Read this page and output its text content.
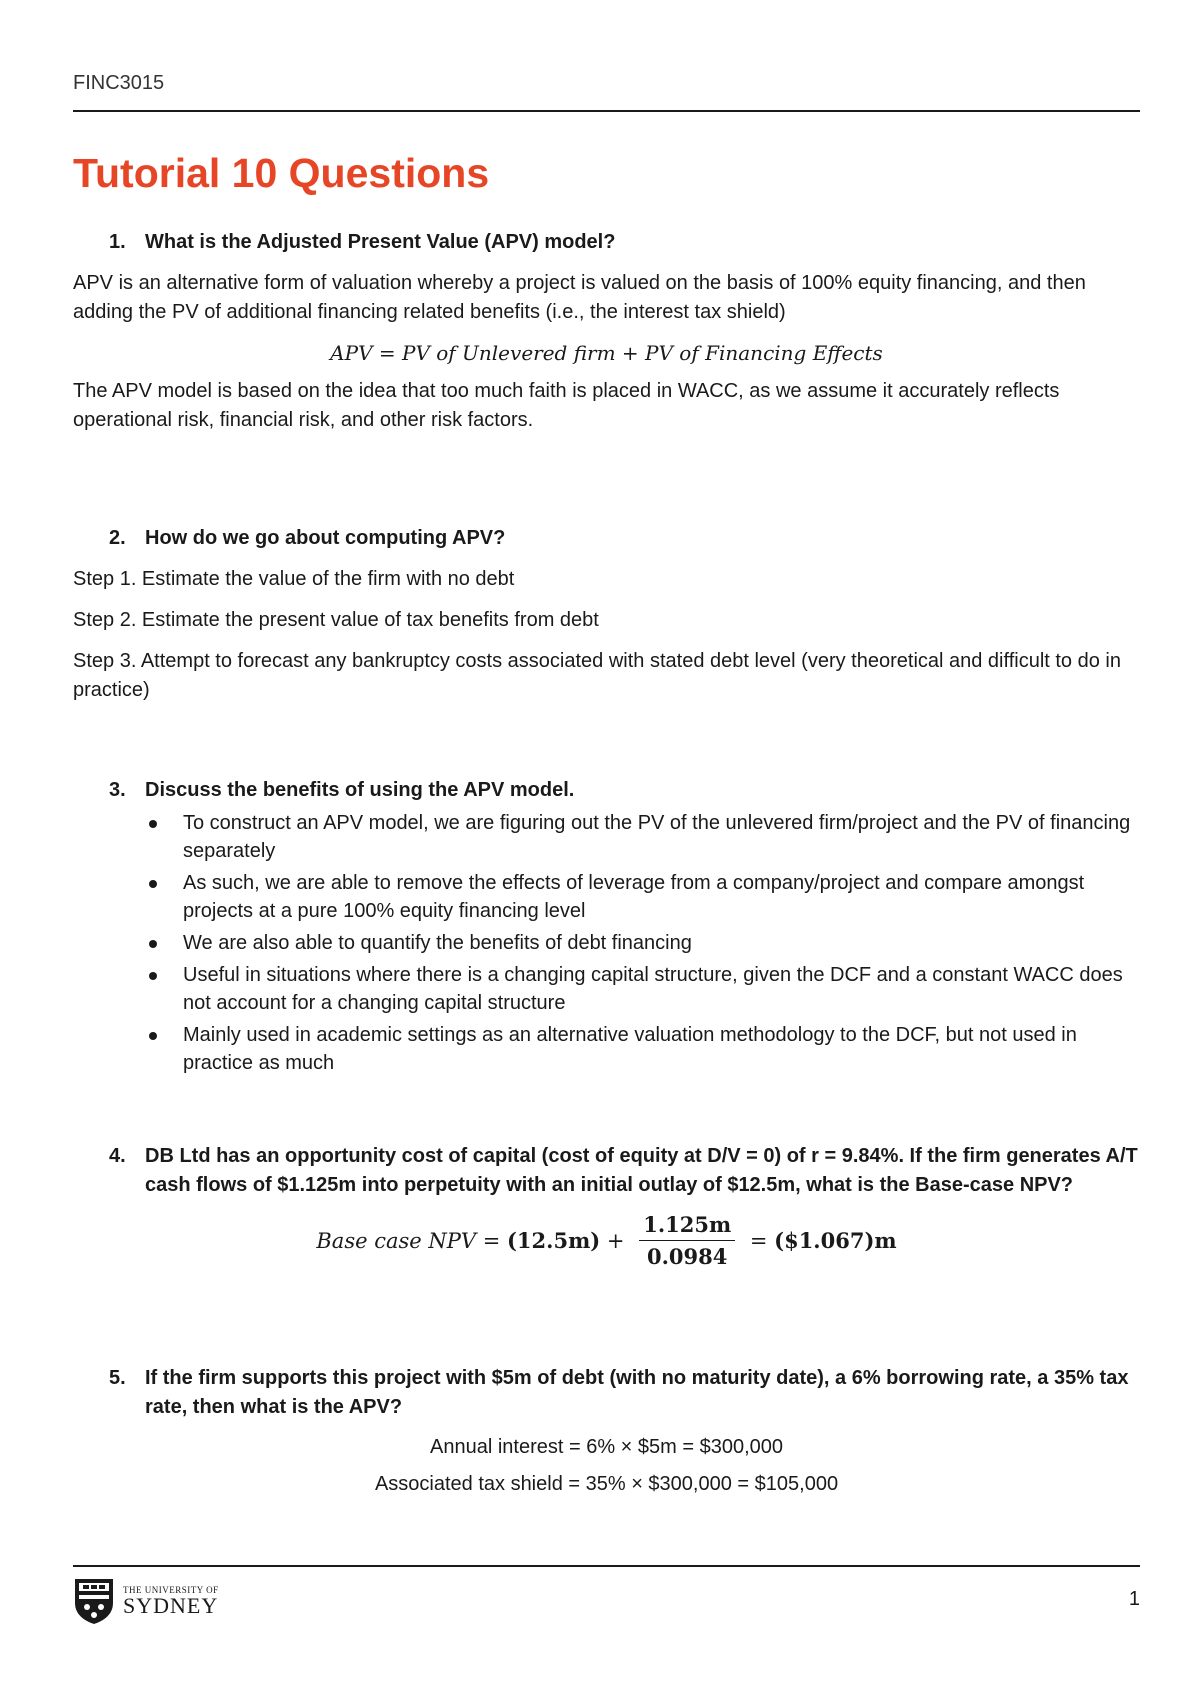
FINC3015
Tutorial 10 Questions
1. What is the Adjusted Present Value (APV) model?

APV is an alternative form of valuation whereby a project is valued on the basis of 100% equity financing, and then adding the PV of additional financing related benefits (i.e., the interest tax shield)

APV = PV of Unlevered firm + PV of Financing Effects

The APV model is based on the idea that too much faith is placed in WACC, as we assume it accurately reflects operational risk, financial risk, and other risk factors.

2. How do we go about computing APV?

Step 1. Estimate the value of the firm with no debt

Step 2. Estimate the present value of tax benefits from debt

Step 3. Attempt to forecast any bankruptcy costs associated with stated debt level (very theoretical and difficult to do in practice)

3. Discuss the benefits of using the APV model.
To construct an APV model, we are figuring out the PV of the unlevered firm/project and the PV of financing separately
As such, we are able to remove the effects of leverage from a company/project and compare amongst projects at a pure 100% equity financing level
We are also able to quantify the benefits of debt financing
Useful in situations where there is a changing capital structure, given the DCF and a constant WACC does not account for a changing capital structure
Mainly used in academic settings as an alternative valuation methodology to the DCF, but not used in practice as much
4. DB Ltd has an opportunity cost of capital (cost of equity at D/V = 0) of r = 9.84%. If the firm generates A/T cash flows of $1.125m into perpetuity with an initial outlay of $12.5m, what is the Base-case NPV?
Base case NPV = $(12.5m) + \frac{1.125m}{0.0984}$ = ($1.067)m
5. If the firm supports this project with $5m of debt (with no maturity date), a 6% borrowing rate, a 35% tax rate, then what is the APV?

Annual interest = 6% × $5m = $300,000

Associated tax shield = 35% × $300,000 = $105,000

THE UNIVERSITY OF
SYDNEY	1
